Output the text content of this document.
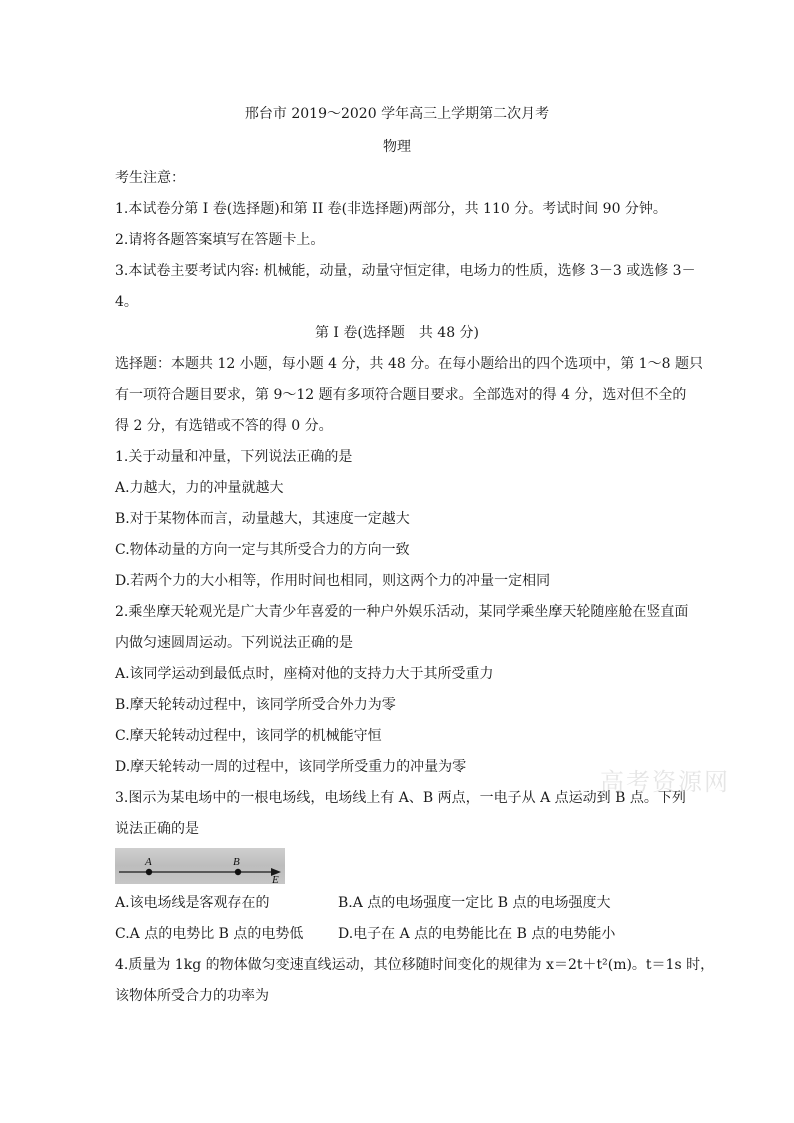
邢台市 2019～2020 学年高三上学期第二次月考
物理
考生注意：
1.本试卷分第 I 卷(选择题)和第 II 卷(非选择题)两部分，共 110 分。考试时间 90 分钟。
2.请将各题答案填写在答题卡上。
3.本试卷主要考试内容: 机械能，动量，动量守恒定律，电场力的性质，选修 3－3 或选修 3－
4。
第 I 卷(选择题　共 48 分)
选择题：本题共 12 小题，每小题 4 分，共 48 分。在每小题给出的四个选项中，第 1～8 题只
有一项符合题目要求，第 9～12 题有多项符合题目要求。全部选对的得 4 分，选对但不全的
得 2 分，有选错或不答的得 0 分。
1.关于动量和冲量，下列说法正确的是
A.力越大，力的冲量就越大
B.对于某物体而言，动量越大，其速度一定越大
C.物体动量的方向一定与其所受合力的方向一致
D.若两个力的大小相等，作用时间也相同，则这两个力的冲量一定相同
2.乘坐摩天轮观光是广大青少年喜爱的一种户外娱乐活动，某同学乘坐摩天轮随座舱在竖直面
内做匀速圆周运动。下列说法正确的是
A.该同学运动到最低点时，座椅对他的支持力大于其所受重力
B.摩天轮转动过程中，该同学所受合外力为零
C.摩天轮转动过程中，该同学的机械能守恒
D.摩天轮转动一周的过程中，该同学所受重力的冲量为零
3.图示为某电场中的一根电场线，电场线上有 A、B 两点，一电子从 A 点运动到 B 点。下列
说法正确的是
A	B
E
A.该电场线是客观存在的	B.A 点的电场强度一定比 B 点的电场强度大
C.A 点的电势比 B 点的电势低 D.电子在 A 点的电势能比在 B 点的电势能小
4.质量为 1kg 的物体做匀变速直线运动，其位移随时间变化的规律为 x＝2t＋t²(m)。t＝1s 时，
该物体所受合力的功率为
高考资源网
